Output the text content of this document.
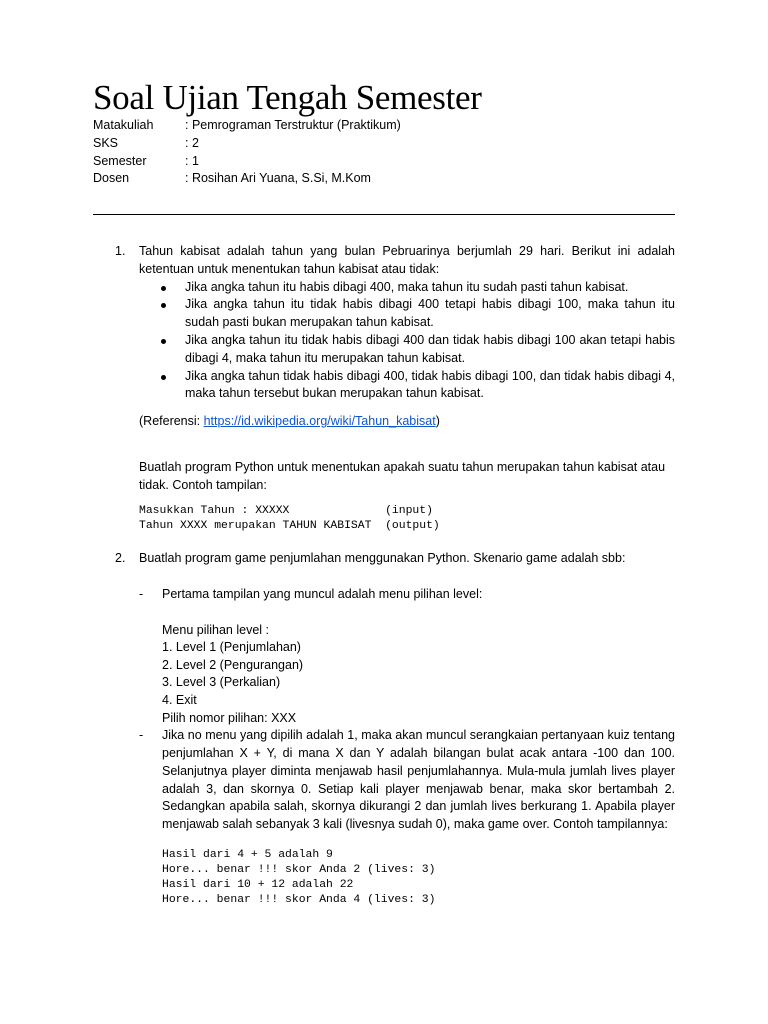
Soal Ujian Tengah Semester
Matakuliah	: Pemrograman Terstruktur (Praktikum)
SKS	: 2
Semester	: 1
Dosen	: Rosihan Ari Yuana, S.Si, M.Kom
1. Tahun kabisat adalah tahun yang bulan Pebruarinya berjumlah 29 hari. Berikut ini adalah ketentuan untuk menentukan tahun kabisat atau tidak:
Jika angka tahun itu habis dibagi 400, maka tahun itu sudah pasti tahun kabisat.
Jika angka tahun itu tidak habis dibagi 400 tetapi habis dibagi 100, maka tahun itu sudah pasti bukan merupakan tahun kabisat.
Jika angka tahun itu tidak habis dibagi 400 dan tidak habis dibagi 100 akan tetapi habis dibagi 4, maka tahun itu merupakan tahun kabisat.
Jika angka tahun tidak habis dibagi 400, tidak habis dibagi 100, dan tidak habis dibagi 4, maka tahun tersebut bukan merupakan tahun kabisat.
(Referensi: https://id.wikipedia.org/wiki/Tahun_kabisat)
Buatlah program Python untuk menentukan apakah suatu tahun merupakan tahun kabisat atau tidak. Contoh tampilan:
Masukkan Tahun : XXXXX              (input)
Tahun XXXX merupakan TAHUN KABISAT  (output)
2. Buatlah program game penjumlahan menggunakan Python. Skenario game adalah sbb:
- Pertama tampilan yang muncul adalah menu pilihan level:
Menu pilihan level :
1. Level 1 (Penjumlahan)
2. Level 2 (Pengurangan)
3. Level 3 (Perkalian)
4. Exit
Pilih nomor pilihan: XXX
- Jika no menu yang dipilih adalah 1, maka akan muncul serangkaian pertanyaan kuiz tentang penjumlahan X + Y, di mana X dan Y adalah bilangan bulat acak antara -100 dan 100. Selanjutnya player diminta menjawab hasil penjumlahannya. Mula-mula jumlah lives player adalah 3, dan skornya 0. Setiap kali player menjawab benar, maka skor bertambah 2. Sedangkan apabila salah, skornya dikurangi 2 dan jumlah lives berkurang 1. Apabila player menjawab salah sebanyak 3 kali (livesnya sudah 0), maka game over. Contoh tampilannya:
Hasil dari 4 + 5 adalah 9
Hore... benar !!! skor Anda 2 (lives: 3)
Hasil dari 10 + 12 adalah 22
Hore... benar !!! skor Anda 4 (lives: 3)
